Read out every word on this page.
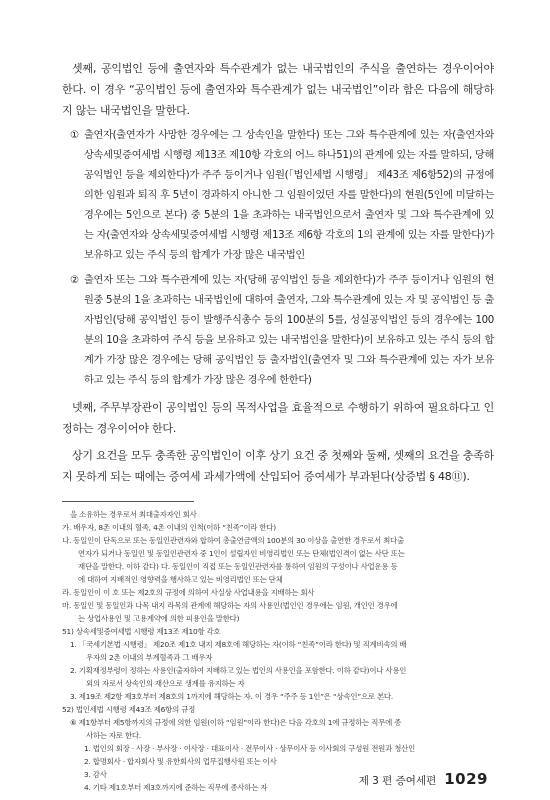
셋째, 공익법인 등에 출연자와 특수관계가 없는 내국법인의 주식을 출연하는 경우이어야 한다. 이 경우 “공익법인 등에 출연자와 특수관계가 없는 내국법인”이라 함은 다음에 해당하지 않는 내국법인을 말한다.

① 출연자(출연자가 사망한 경우에는 그 상속인을 말한다) 또는 그와 특수관계에 있는 자(출연자와 상속세및증여세법 시행령 제13조 제10항 각호의 어느 하나51)의 관계에 있는 자를 말하되, 당해 공익법인 등을 제외한다)가 주주 등이거나 임원(「법인세법 시행령」 제43조 제6항52)의 규정에 의한 임원과 퇴직 후 5년이 경과하지 아니한 그 임원이었던 자를 말한다)의 현원(5인에 미달하는 경우에는 5인으로 본다) 중 5분의 1을 초과하는 내국법인으로서 출연자 및 그와 특수관계에 있는 자(출연자와 상속세및증여세법 시행령 제13조 제6항 각호의 1의 관계에 있는 자를 말한다)가 보유하고 있는 주식 등의 합계가 가장 많은 내국법인

② 출연자 또는 그와 특수관계에 있는 자(당해 공익법인 등을 제외한다)가 주주 등이거나 임원의 현원중 5분의 1을 초과하는 내국법인에 대하여 출연자, 그와 특수관계에 있는 자 및 공익법인 등 출자법인(당해 공익법인 등이 발행주식총수 등의 100분의 5를, 성실공익법인 등의 경우에는 100분의 10을 초과하여 주식 등을 보유하고 있는 내국법인을 말한다)이 보유하고 있는 주식 등의 합계가 가장 많은 경우에는 당해 공익법인 등 출자법인(출연자 및 그와 특수관계에 있는 자가 보유하고 있는 주식 등의 합계가 가장 많은 경우에 한한다)

넷째, 주무부장관이 공익법인 등의 목적사업을 효율적으로 수행하기 위하여 필요하다고 인정하는 경우이어야 한다.

상기 요건을 모두 충족한 공익법인이 이후 상기 요건 중 첫째와 둘째, 셋째의 요건을 충족하지 못하게 되는 때에는 증여세 과세가액에 산입되어 증여세가 부과된다(상증법 § 48⑪).

을 소유하는 경우로서 최대출자자인 회사

가. 배우자, 8촌 이내의 혈족, 4촌 이내의 인척(이하 “친족”이라 한다)

나. 동일인이 단독으로 또는 동일인관련자와 합하여 총출연금액의 100분의 30 이상을 출연한 경우로서 최다출

연자가 되거나 동일인 및 동일인관련자 중 1인이 설립자인 비영리법인 또는 단체(법인격이 없는 사단 또는

재단을 말한다. 이하 같다) 다. 동일인이 직접 또는 동일인관련자를 통하여 임원의 구성이나 사업운용 등

에 대하여 지배적인 영향력을 행사하고 있는 비영리법인 또는 단체

라. 동일인이 이 호 또는 제2호의 규정에 의하여 사실상 사업내용을 지배하는 회사

마. 동일인 및 동일인과 나목 내지 라목의 관계에 해당하는 자의 사용인(법인인 경우에는 임원, 개인인 경우에

는 상업사용인 및 고용계약에 의한 피용인을 말한다)

51) 상속세및증여세법 시행령 제13조 제10항 각호

1. 「국세기본법 시행령」 제20조 제1호 내지 제8호에 해당하는 자(이하 “친족”이라 한다) 및 직계비속의 배

우자의 2촌 이내의 부계혈족과 그 배우자

2. 기획재정부령이 정하는 사용인(출자하여 지배하고 있는 법인의 사용인을 포함한다. 이하 같다)이나 사용인

외의 자로서 상속인의 재산으로 생계를 유지하는 자

3. 제19조 제2항 제3호부터 제8호의 1까지에 해당하는 자. 이 경우 “주주 등 1인”은 “상속인”으로 본다.

52) 법인세법 시행령 제43조 제6항의 규정

⑥ 제1항부터 제5항까지의 규정에 의한 임원(이하 “임원”이라 한다)은 다음 각호의 1에 규정하는 직무에 종

사하는 자로 한다.

1. 법인의 회장 · 사장 · 부사장 · 이사장 · 대표이사 · 전무이사 · 상무이사 등 이사회의 구성원 전원과 청산인

2. 합명회사 · 합자회사 및 유한회사의 업무집행사원 또는 이사

3. 감사

4. 기타 제1호부터 제3호까지에 준하는 직무에 종사하는 자

제 3 편 증여세편 1029
